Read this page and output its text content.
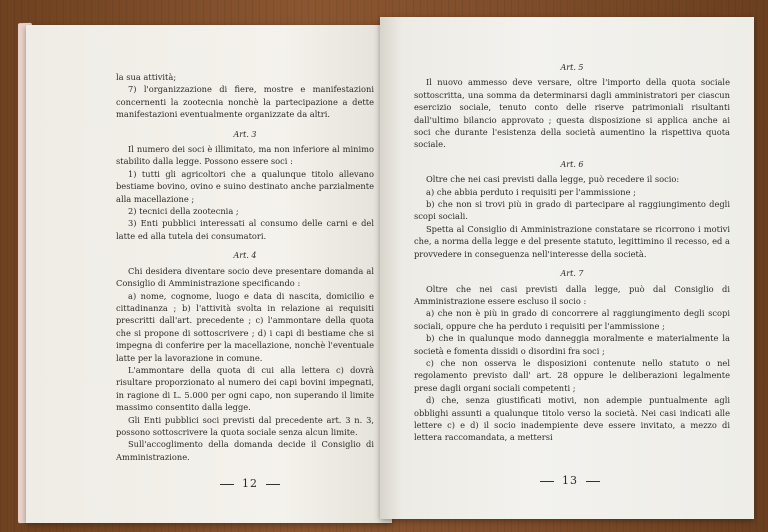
la sua attività;

7) l'organizzazione di fiere, mostre e manifestazioni concernenti la zootecnia nonchè la partecipazione a dette manifestazioni eventualmente organizzate da altri.

Art. 3

Il numero dei soci è illimitato, ma non inferiore al minimo stabilito dalla legge. Possono essere soci :

1) tutti gli agricoltori che a qualunque titolo allevano bestiame bovino, ovino e suino destinato anche parzialmente alla macellazione ;

2) tecnici della zootecnia ;

3) Enti pubblici interessati al consumo delle carni e del latte ed alla tutela dei consumatori.

Art. 4

Chi desidera diventare socio deve presentare domanda al Consiglio di Amministrazione specificando :

a) nome, cognome, luogo e data di nascita, domicilio e cittadinanza ; b) l'attività svolta in relazione ai requisiti prescritti dall'art. precedente ; c) l'ammontare della quota che si propone di sottoscrivere ; d) i capi di bestiame che si impegna di conferire per la macellazione, nonchè l'eventuale latte per la lavorazione in comune.

L'ammontare della quota di cui alla lettera c) dovrà risultare proporzionato al numero dei capi bovini impegnati, in ragione di L. 5.000 per ogni capo, non superando il limite massimo consentito dalla legge.

Gli Enti pubblici soci previsti dal precedente art. 3 n. 3, possono sottoscrivere la quota sociale senza alcun limite.

Sull'accoglimento della domanda decide il Consiglio di Amministrazione.

12

Art. 5

Il nuovo ammesso deve versare, oltre l'importo della quota sociale sottoscritta, una somma da determinarsi dagli amministratori per ciascun esercizio sociale, tenuto conto delle riserve patrimoniali risultanti dall'ultimo bilancio approvato ; questa disposizione si applica anche ai soci che durante l'esistenza della società aumentino la rispettiva quota sociale.

Art. 6

Oltre che nei casi previsti dalla legge, può recedere il socio:

a) che abbia perduto i requisiti per l'ammissione ;

b) che non si trovi più in grado di partecipare al raggiungimento degli scopi sociali.

Spetta al Consiglio di Amministrazione constatare se ricorrono i motivi che, a norma della legge e del presente statuto, legittimino il recesso, ed a provvedere in conseguenza nell'interesse della società.

Art. 7

Oltre che nei casi previsti dalla legge, può dal Consiglio di Amministrazione essere escluso il socio :

a) che non è più in grado di concorrere al raggiungimento degli scopi sociali, oppure che ha perduto i requisiti per l'ammissione ;

b) che in qualunque modo danneggia moralmente e materialmente la società e fomenta dissidi o disordini fra soci ;

c) che non osserva le disposizioni contenute nello statuto o nel regolamento previsto dall' art. 28 oppure le deliberazioni legalmente prese dagli organi sociali competenti ;

d) che, senza giustificati motivi, non adempie puntualmente agli obblighi assunti a qualunque titolo verso la società. Nei casi indicati alle lettere c) e d) il socio inadempiente deve essere invitato, a mezzo di lettera raccomandata, a mettersi

13
